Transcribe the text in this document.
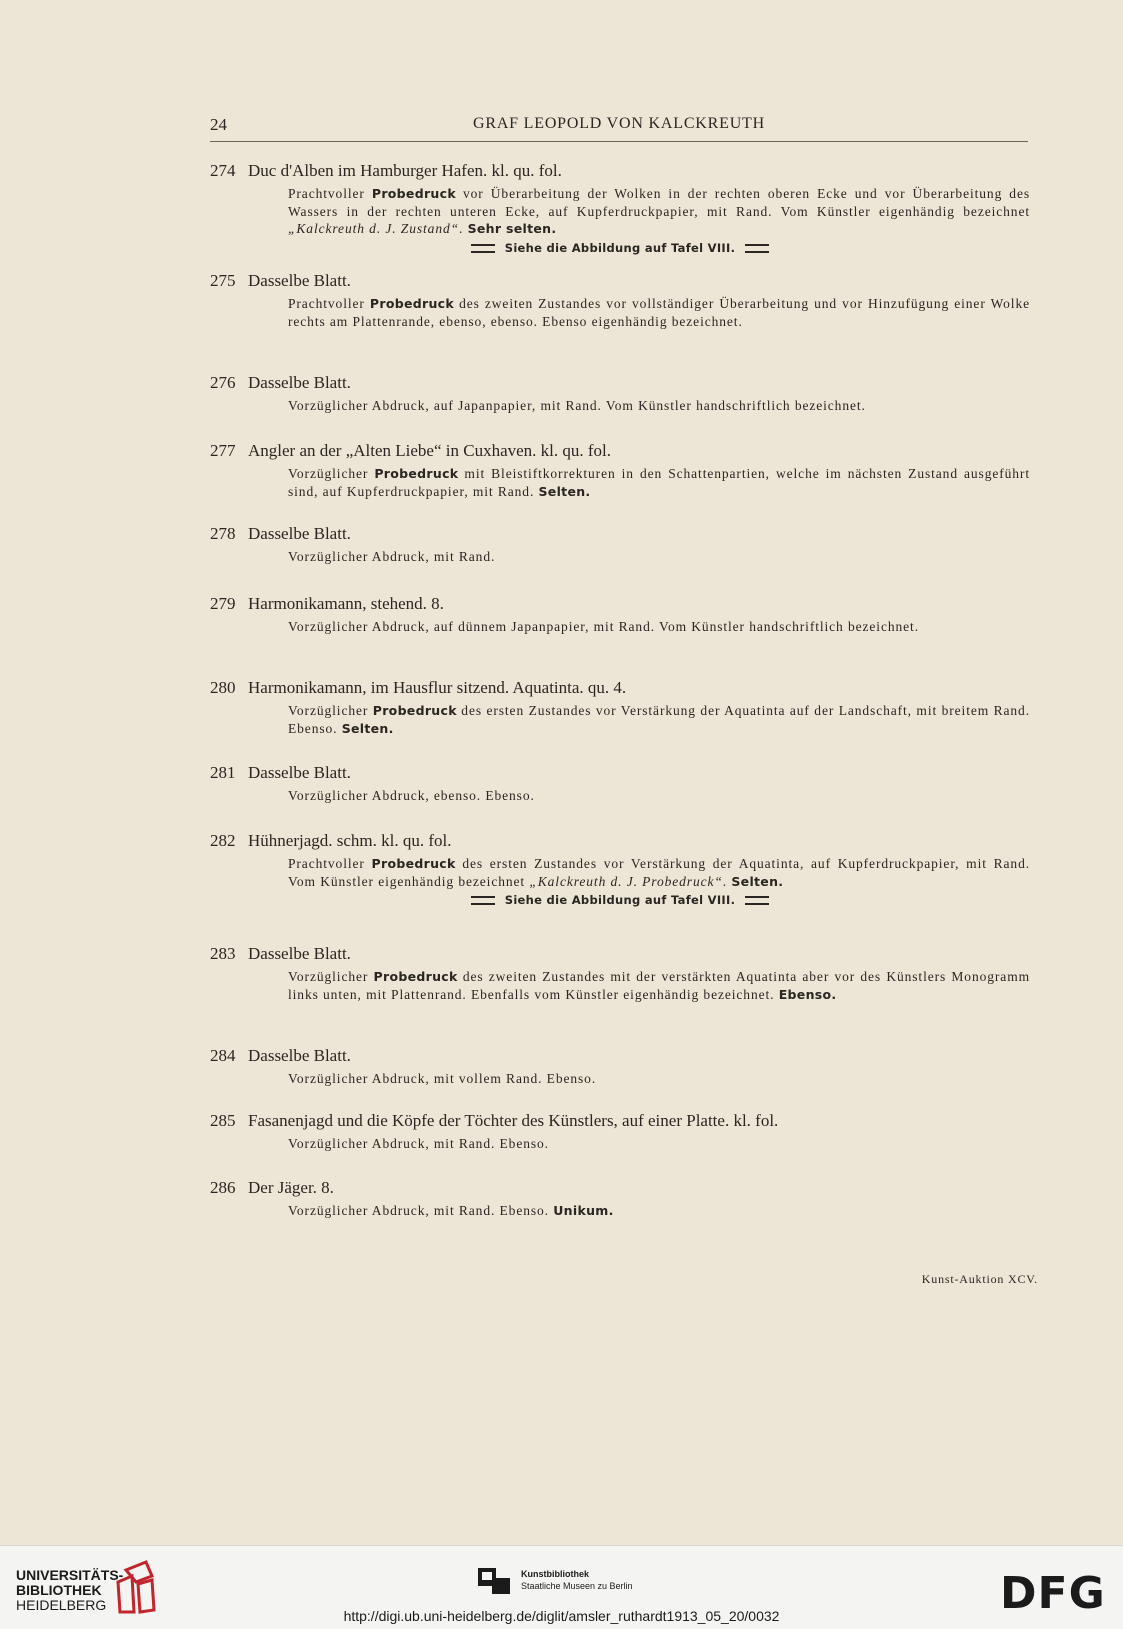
24	GRAF LEOPOLD VON KALCKREUTH
274 Duc d'Alben im Hamburger Hafen. kl. qu. fol.

Prachtvoller Probedruck vor Überarbeitung der Wolken in der rechten oberen Ecke und vor Überarbeitung des Wassers in der rechten unteren Ecke, auf Kupferdruckpapier, mit Rand. Vom Künstler eigenhändig bezeichnet „Kalckreuth d. J. Zustand“. Sehr selten.

Siehe die Abbildung auf Tafel VIII.
275 Dasselbe Blatt.

Prachtvoller Probedruck des zweiten Zustandes vor vollständiger Überarbeitung und vor Hinzufügung einer Wolke rechts am Plattenrande, ebenso, ebenso. Ebenso eigenhändig bezeichnet.

276 Dasselbe Blatt.

Vorzüglicher Abdruck, auf Japanpapier, mit Rand. Vom Künstler handschriftlich bezeichnet.

277 Angler an der „Alten Liebe“ in Cuxhaven. kl. qu. fol.

Vorzüglicher Probedruck mit Bleistiftkorrekturen in den Schattenpartien, welche im nächsten Zustand ausgeführt sind, auf Kupferdruckpapier, mit Rand. Selten.

278 Dasselbe Blatt.

Vorzüglicher Abdruck, mit Rand.

279 Harmonikamann, stehend. 8.

Vorzüglicher Abdruck, auf dünnem Japanpapier, mit Rand. Vom Künstler handschriftlich bezeichnet.

280 Harmonikamann, im Hausflur sitzend. Aquatinta. qu. 4.

Vorzüglicher Probedruck des ersten Zustandes vor Verstärkung der Aquatinta auf der Landschaft, mit breitem Rand. Ebenso. Selten.

281 Dasselbe Blatt.

Vorzüglicher Abdruck, ebenso. Ebenso.

282 Hühnerjagd. schm. kl. qu. fol.

Prachtvoller Probedruck des ersten Zustandes vor Verstärkung der Aquatinta, auf Kupferdruckpapier, mit Rand. Vom Künstler eigenhändig bezeichnet „Kalckreuth d. J. Probedruck“. Selten.

Siehe die Abbildung auf Tafel VIII.
283 Dasselbe Blatt.

Vorzüglicher Probedruck des zweiten Zustandes mit der verstärkten Aquatinta aber vor des Künstlers Monogramm links unten, mit Plattenrand. Ebenfalls vom Künstler eigenhändig bezeichnet. Ebenso.

284 Dasselbe Blatt.

Vorzüglicher Abdruck, mit vollem Rand. Ebenso.

285 Fasanenjagd und die Köpfe der Töchter des Künstlers, auf einer Platte. kl. fol.

Vorzüglicher Abdruck, mit Rand. Ebenso.

286 Der Jäger. 8.

Vorzüglicher Abdruck, mit Rand. Ebenso. Unikum.

Kunst-Auktion XCV.
UNIVERSITÄTS-
BIBLIOTHEK
HEIDELBERG
Kunstbibliothek
Staatliche Museen zu Berlin	DFG
http://digi.ub.uni-heidelberg.de/diglit/amsler_ruthardt1913_05_20/0032
